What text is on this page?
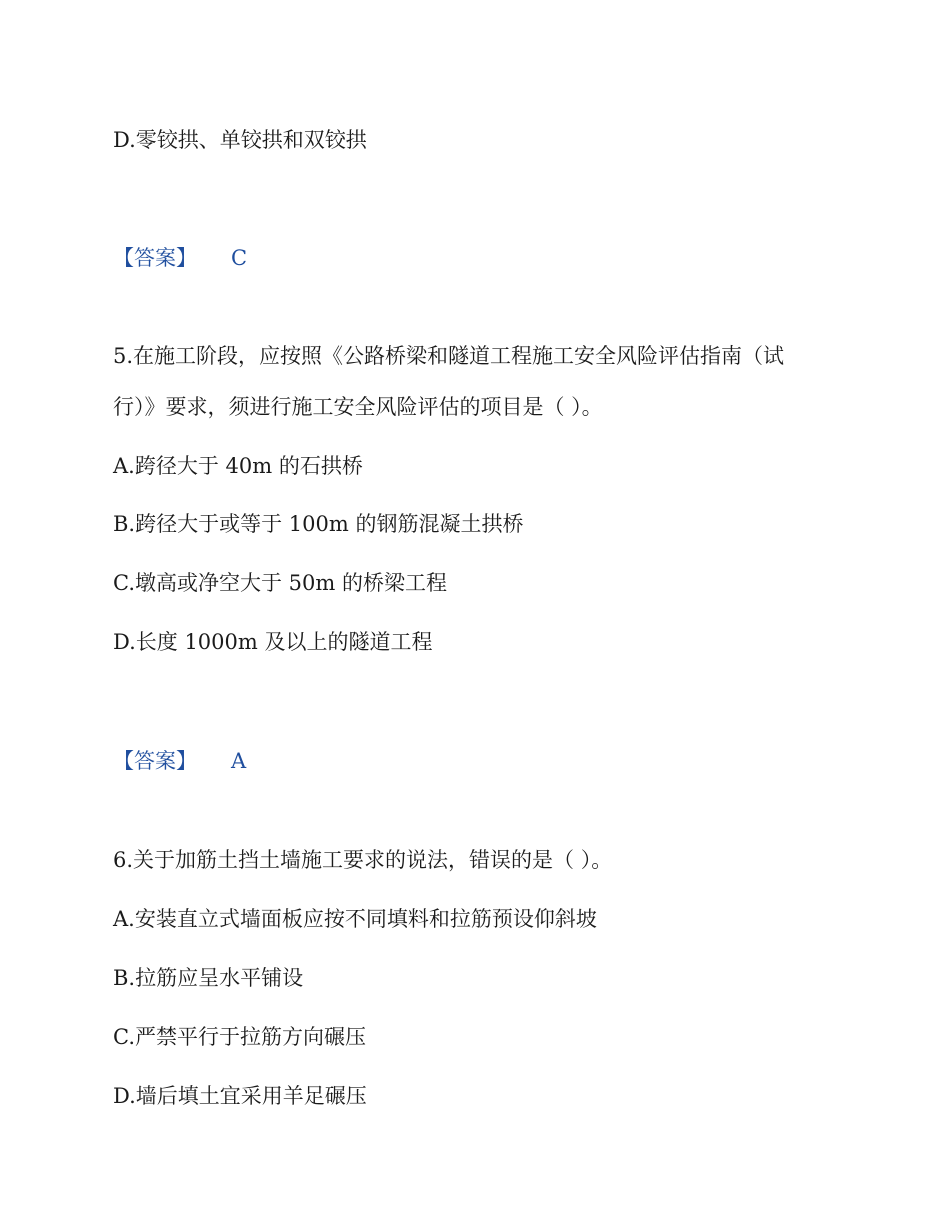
D.零铰拱、单铰拱和双铰拱
【答案】 C
5.在施工阶段，应按照《公路桥梁和隧道工程施工安全风险评估指南（试
行）》要求，须进行施工安全风险评估的项目是（ ）。
A.跨径大于 40m 的石拱桥
B.跨径大于或等于 100m 的钢筋混凝土拱桥
C.墩高或净空大于 50m 的桥梁工程
D.长度 1000m 及以上的隧道工程
【答案】 A
6.关于加筋土挡土墙施工要求的说法，错误的是（ ）。
A.安装直立式墙面板应按不同填料和拉筋预设仰斜坡
B.拉筋应呈水平铺设
C.严禁平行于拉筋方向碾压
D.墙后填土宜采用羊足碾压
